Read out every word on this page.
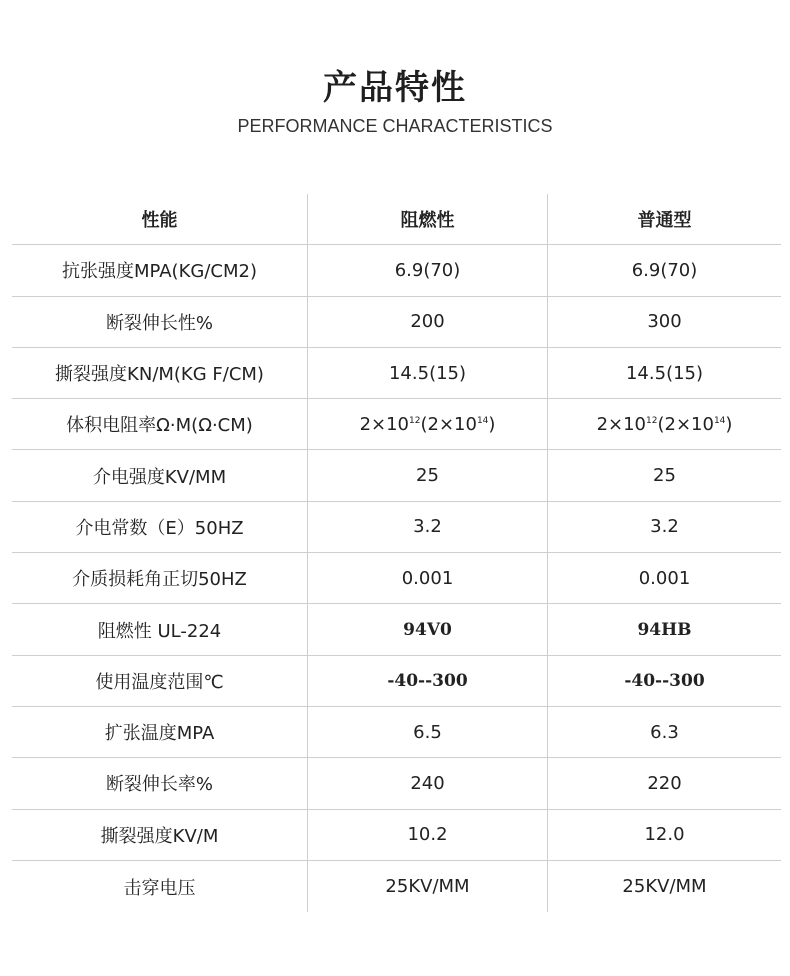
产品特性
PERFORMANCE CHARACTERISTICS
性能	阻燃性	普通型
抗张强度MPA(KG/CM2)	6.9(70)	6.9(70)
断裂伸长性%	200	300
撕裂强度KN/M(KG F/CM)	14.5(15)	14.5(15)
体积电阻率Ω·M(Ω·CM)	$2\times 10^{12}$ ($2\times 10^{14}$ )	$2\times 10^{12}$ ($2\times 10^{14}$ )
介电强度KV/MM	25	25
介电常数（E）50HZ	3.2	3.2
介质损耗角正切50HZ	0.001	0.001
阻燃性 UL-224	94V0	94HB
使用温度范围℃	-40--300	-40--300
扩张温度MPA	6.5	6.3
断裂伸长率%	240	220
撕裂强度KV/M	10.2	12.0
击穿电压	25KV/MM	25KV/MM
